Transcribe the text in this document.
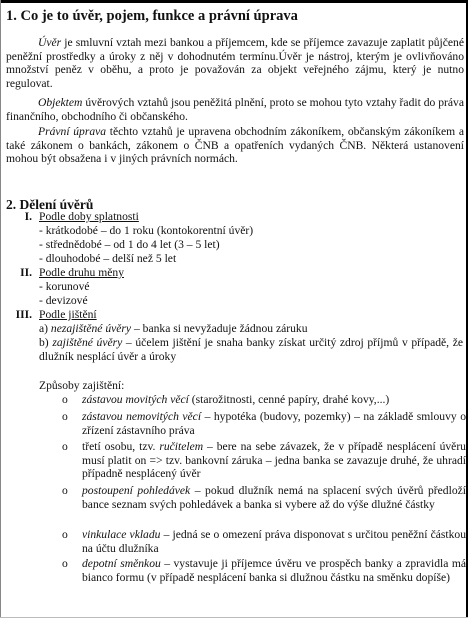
1. Co je to úvěr, pojem, funkce a právní úprava

Úvěr je smluvní vztah mezi bankou a příjemcem, kde se příjemce zavazuje zaplatit půjčené peněžní prostředky a úroky z něj v dohodnutém termínu.Úvěr je nástroj, kterým je ovlivňováno množství peněz v oběhu, a proto je považován za objekt veřejného zájmu, který je nutno regulovat.

Objektem úvěrových vztahů jsou peněžitá plnění, proto se mohou tyto vztahy řadit do práva finančního, obchodního či občanského.

Právní úprava těchto vztahů je upravena obchodním zákoníkem, občanským zákoníkem a také zákonem o bankách, zákonem o ČNB a opatřeních vydaných ČNB. Některá ustanovení mohou být obsažena i v jiných právních normách.

2. Dělení úvěrů
I. Podle doby splatnosti
- krátkodobé – do 1 roku (kontokorentní úvěr)
- střednědobé – od 1 do 4 let (3 – 5 let)
- dlouhodobé – delší než 5 let
II. Podle druhu měny
- korunové
- devizové
III. Podle jištění
a) nezajištěné úvěry – banka si nevyžaduje žádnou záruku
b) zajištěné úvěry – účelem jištění je snaha banky získat určitý zdroj příjmů v případě, že dlužník nesplácí úvěr a úroky
Způsoby zajištění:
o zástavou movitých věcí (starožitnosti, cenné papíry, drahé kovy,...)
o zástavou nemovitých věcí – hypotéka (budovy, pozemky) – na základě smlouvy o zřízení zástavního práva
o třetí osobu, tzv. ručitelem – bere na sebe závazek, že v případě nesplácení úvěru musí platit on => tzv. bankovní záruka – jedna banka se zavazuje druhé, že uhradí případně nesplácený úvěr
o postoupení pohledávek – pokud dlužník nemá na splacení svých úvěrů předloží bance seznam svých pohledávek a banka si vybere až do výše dlužné částky
o vinkulace vkladu – jedná se o omezení práva disponovat s určitou peněžní částkou na účtu dlužníka
o depotní směnkou – vystavuje ji příjemce úvěru ve prospěch banky a zpravidla má bianco formu (v případě nesplácení banka si dlužnou částku na směnku dopíše)
